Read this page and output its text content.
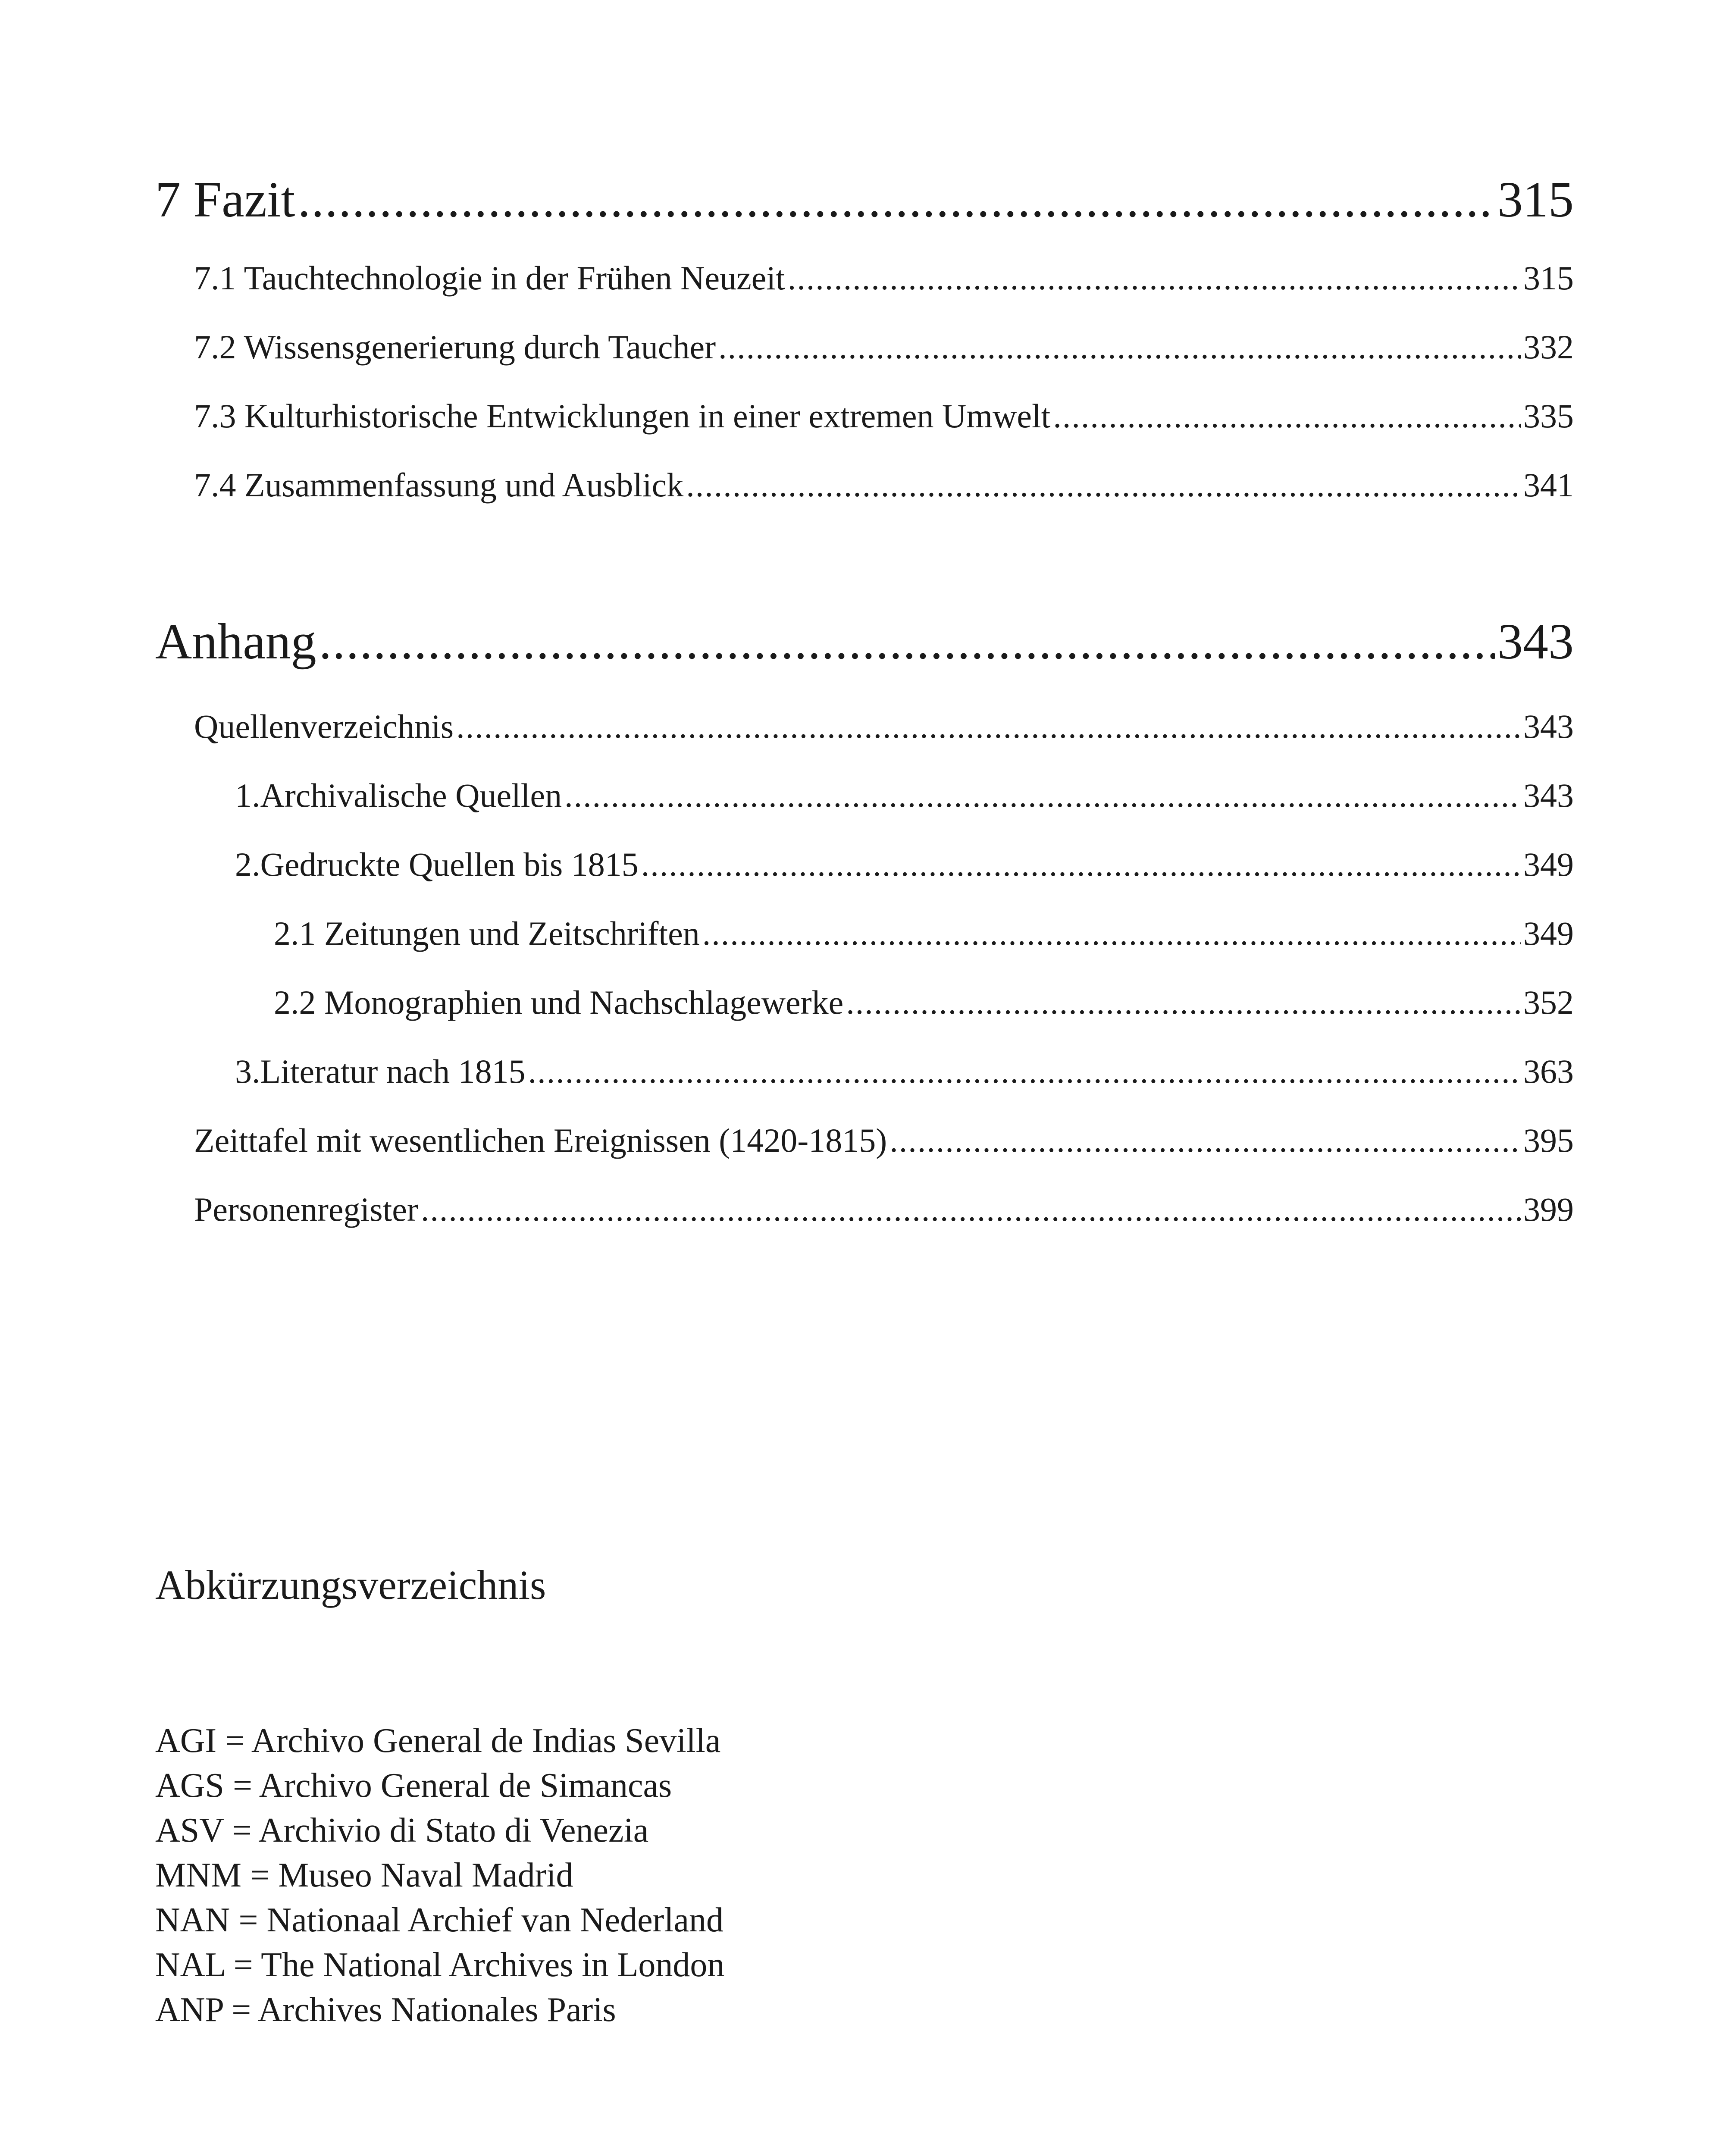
7 Fazit .....	315
7.1 Tauchtechnologie in der Frühen Neuzeit .....	315
7.2 Wissensgenerierung durch Taucher .....	332
7.3 Kulturhistorische Entwicklungen in einer extremen Umwelt .....	335
7.4 Zusammenfassung und Ausblick .....	341
Anhang .....	343
Quellenverzeichnis .....	343
1. Archivalische Quellen .....	343
2. Gedruckte Quellen bis 1815 .....	349
2.1 Zeitungen und Zeitschriften .....	349
2.2 Monographien und Nachschlagewerke .....	352
3. Literatur nach 1815 .....	363
Zeittafel mit wesentlichen Ereignissen (1420-1815) .....	395
Personenregister .....	399
Abkürzungsverzeichnis
AGI = Archivo General de Indias Sevilla
AGS = Archivo General de Simancas
ASV = Archivio di Stato di Venezia
MNM = Museo Naval Madrid
NAN = Nationaal Archief van Nederland
NAL = The National Archives in London
ANP = Archives Nationales Paris
